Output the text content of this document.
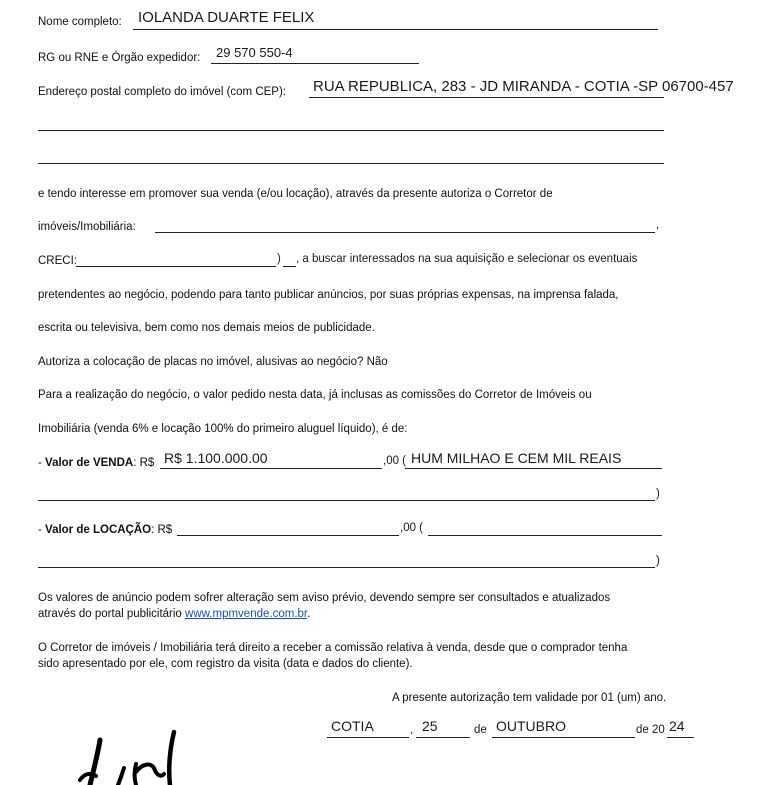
Nome completo: IOLANDA DUARTE FELIX
RG ou RNE e Órgão expedidor: 29 570 550-4
Endereço postal completo do imóvel (com CEP): RUA REPUBLICA, 283 - JD MIRANDA - COTIA -SP 06700-457
e tendo interesse em promover sua venda (e/ou locação), através da presente autoriza o Corretor de
imóveis/Imobiliária:	,
CRECI:	) , a buscar interessados na sua aquisição e selecionar os eventuais
pretendentes ao negócio, podendo para tanto publicar anúncios, por suas próprias expensas, na imprensa falada,
escrita ou televisiva, bem como nos demais meios de publicidade.
Autoriza a colocação de placas no imóvel, alusivas ao negócio? Não
Para a realização do negócio, o valor pedido nesta data, já inclusas as comissões do Corretor de Imóveis ou
Imobiliária (venda 6% e locação 100% do primeiro aluguel líquido), é de:
- Valor de VENDA: R$ R$ 1.100.000.00	,00 ( HUM MILHAO E CEM MIL REAIS
)
- Valor de LOCAÇÃO: R$	,00 (
)
Os valores de anúncio podem sofrer alteração sem aviso prévio, devendo sempre ser consultados e atualizados
através do portal publicitário www.mpmvende.com.br.
O Corretor de imóveis / Imobiliária terá direito a receber a comissão relativa à venda, desde que o comprador tenha
sido apresentado por ele, com registro da visita (data e dados do cliente).
A presente autorização tem validade por 01 (um) ano.
COTIA	, 25	de OUTUBRO	de 20 24
